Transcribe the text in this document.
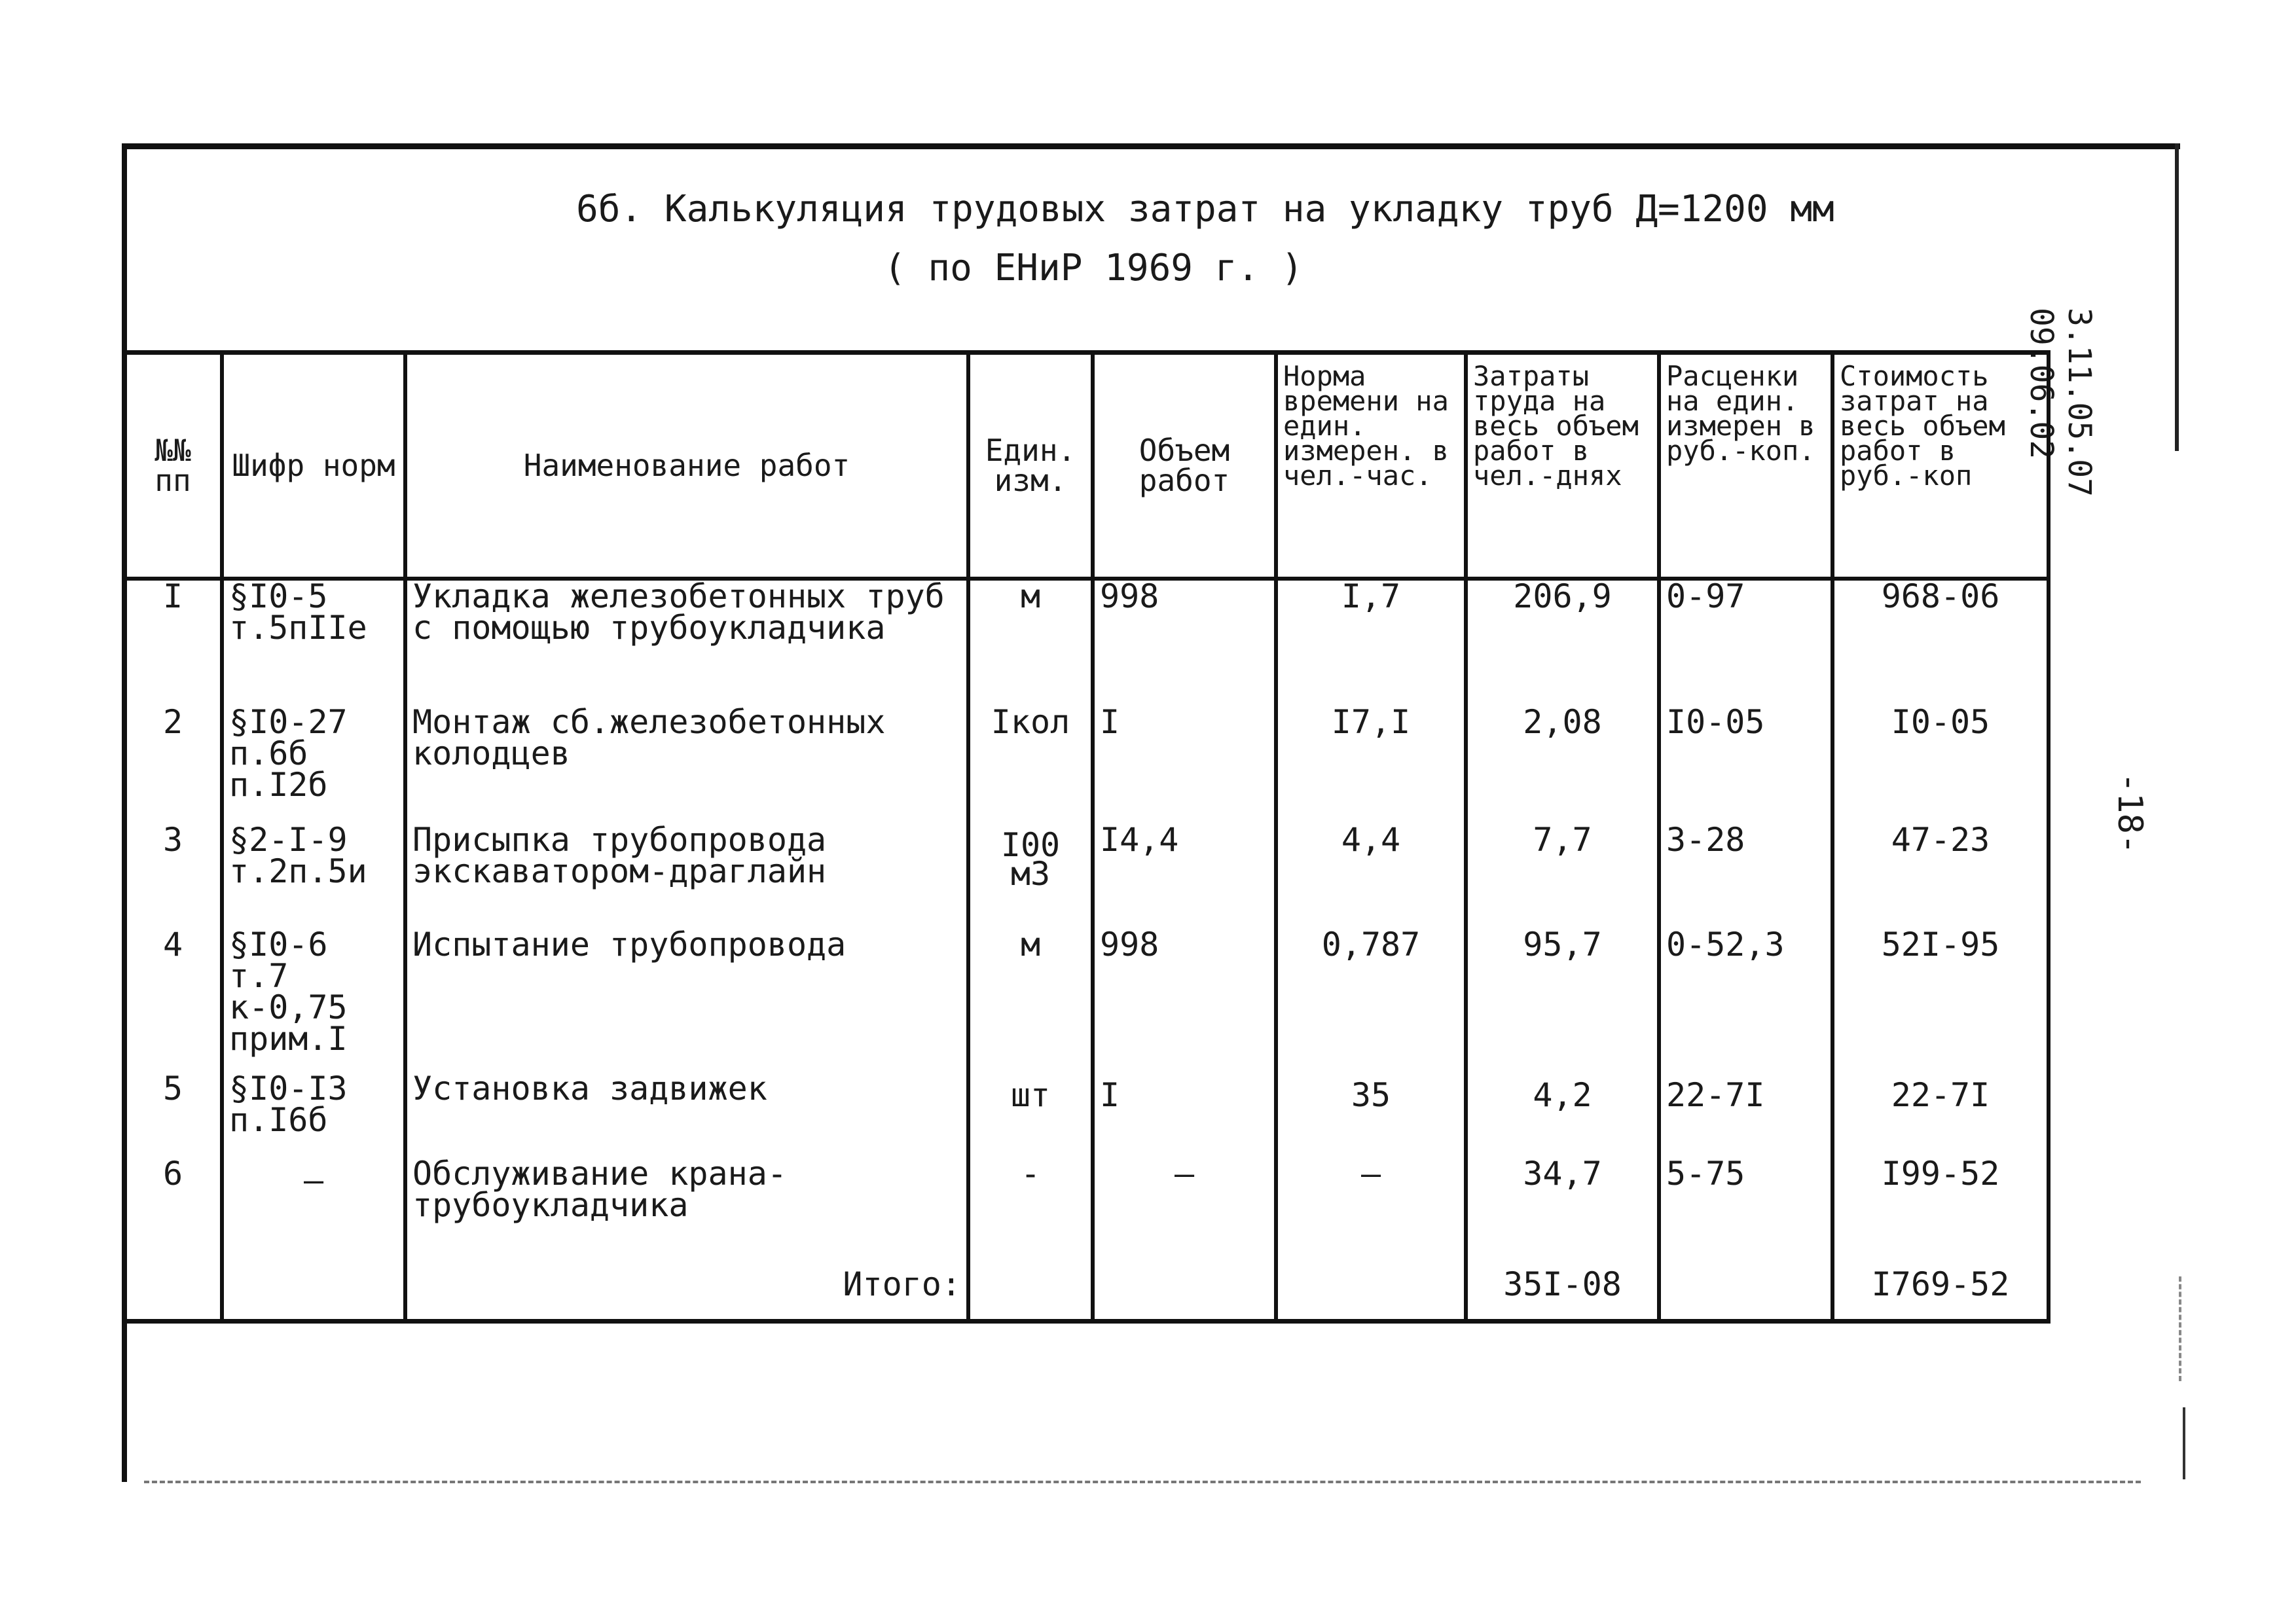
6б. Калькуляция трудовых затрат на укладку труб Д=1200 мм
( по ЕНиР 1969 г. )
3.11.05.07
09.06.02
-18-
№№ пп	Шифр норм	Наименование работ	Един. изм.	Объем работ	Норма времени на един. измерен. в чел.-час.	Затраты труда на весь объем работ в чел.-днях	Расценки на един. измерен в руб.-коп.	Стоимость затрат на весь объем работ в руб.-коп
I	§I0-5 т.5пIIе	Укладка железобетонных труб с помощью трубоукладчика	м	998	I,7	206,9	0-97	968-06
2	§I0-27 п.6б п.I2б	Монтаж сб.железобетонных колодцев	Iкол	I	I7,I	2,08	I0-05	I0-05
3	§2-I-9 т.2п.5и	Присыпка трубопровода экскаватором-драглайн	I00 м3	I4,4	4,4	7,7	3-28	47-23
4	§I0-6 т.7 к-0,75 прим.I	Испытание трубопровода	м	998	0,787	95,7	0-52,3	52I-95
5	§I0-I3 п.I6б	Установка задвижек	шт	I	35	4,2	22-7I	22-7I
6	—	Обслуживание крана-трубоукладчика	-	—	—	34,7	5-75	I99-52
		Итого:				35I-08		I769-52
